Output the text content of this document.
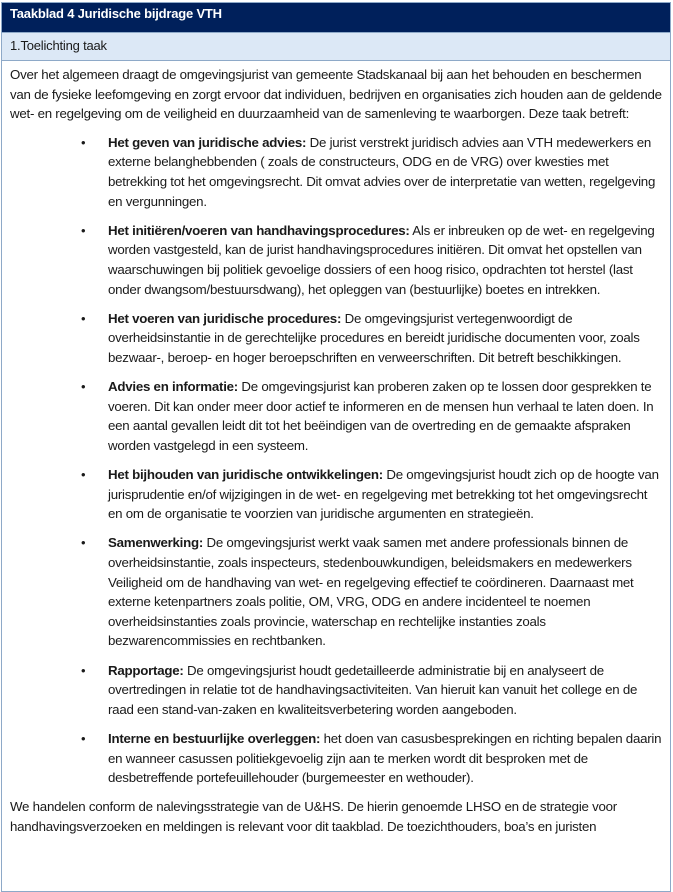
Taakblad 4 Juridische bijdrage VTH
1.Toelichting taak

Over het algemeen draagt de omgevingsjurist van gemeente Stadskanaal bij aan het behouden en beschermen van de fysieke leefomgeving en zorgt ervoor dat individuen, bedrijven en organisaties zich houden aan de geldende wet- en regelgeving om de veiligheid en duurzaamheid van de samenleving te waarborgen. Deze taak betreft:

• Het geven van juridische advies: De jurist verstrekt juridisch advies aan VTH medewerkers en externe belanghebbenden ( zoals de constructeurs, ODG en de VRG) over kwesties met betrekking tot het omgevingsrecht. Dit omvat advies over de interpretatie van wetten, regelgeving en vergunningen.
• Het initiëren/voeren van handhavingsprocedures: Als er inbreuken op de wet- en regelgeving worden vastgesteld, kan de jurist handhavingsprocedures initiëren. Dit omvat het opstellen van waarschuwingen bij politiek gevoelige dossiers of een hoog risico, opdrachten tot herstel (last onder dwangsom/bestuursdwang), het opleggen van (bestuurlijke) boetes en intrekken.
• Het voeren van juridische procedures: De omgevingsjurist vertegenwoordigt de overheidsinstantie in de gerechtelijke procedures en bereidt juridische documenten voor, zoals bezwaar-, beroep- en hoger beroepschriften en verweerschriften. Dit betreft beschikkingen.
• Advies en informatie: De omgevingsjurist kan proberen zaken op te lossen door gesprekken te voeren. Dit kan onder meer door actief te informeren en de mensen hun verhaal te laten doen. In een aantal gevallen leidt dit tot het beëindigen van de overtreding en de gemaakte afspraken worden vastgelegd in een systeem.
• Het bijhouden van juridische ontwikkelingen: De omgevingsjurist houdt zich op de hoogte van jurisprudentie en/of wijzigingen in de wet- en regelgeving met betrekking tot het omgevingsrecht en om de organisatie te voorzien van juridische argumenten en strategieën.
• Samenwerking: De omgevingsjurist werkt vaak samen met andere professionals binnen de overheidsinstantie, zoals inspecteurs, stedenbouwkundigen, beleidsmakers en medewerkers Veiligheid om de handhaving van wet- en regelgeving effectief te coördineren. Daarnaast met externe ketenpartners zoals politie, OM, VRG, ODG en andere incidenteel te noemen overheidsinstanties zoals provincie, waterschap en rechtelijke instanties zoals bezwarencommissies en rechtbanken.
• Rapportage: De omgevingsjurist houdt gedetailleerde administratie bij en analyseert de overtredingen in relatie tot de handhavingsactiviteiten. Van hieruit kan vanuit het college en de raad een stand-van-zaken en kwaliteitsverbetering worden aangeboden.
• Interne en bestuurlijke overleggen: het doen van casusbesprekingen en richting bepalen daarin en wanneer casussen politiekgevoelig zijn aan te merken wordt dit besproken met de desbetreffende portefeuillehouder (burgemeester en wethouder).

We handelen conform de nalevingsstrategie van de U&HS. De hierin genoemde LHSO en de strategie voor handhavingsverzoeken en meldingen is relevant voor dit taakblad. De toezichthouders, boa’s en juristen
